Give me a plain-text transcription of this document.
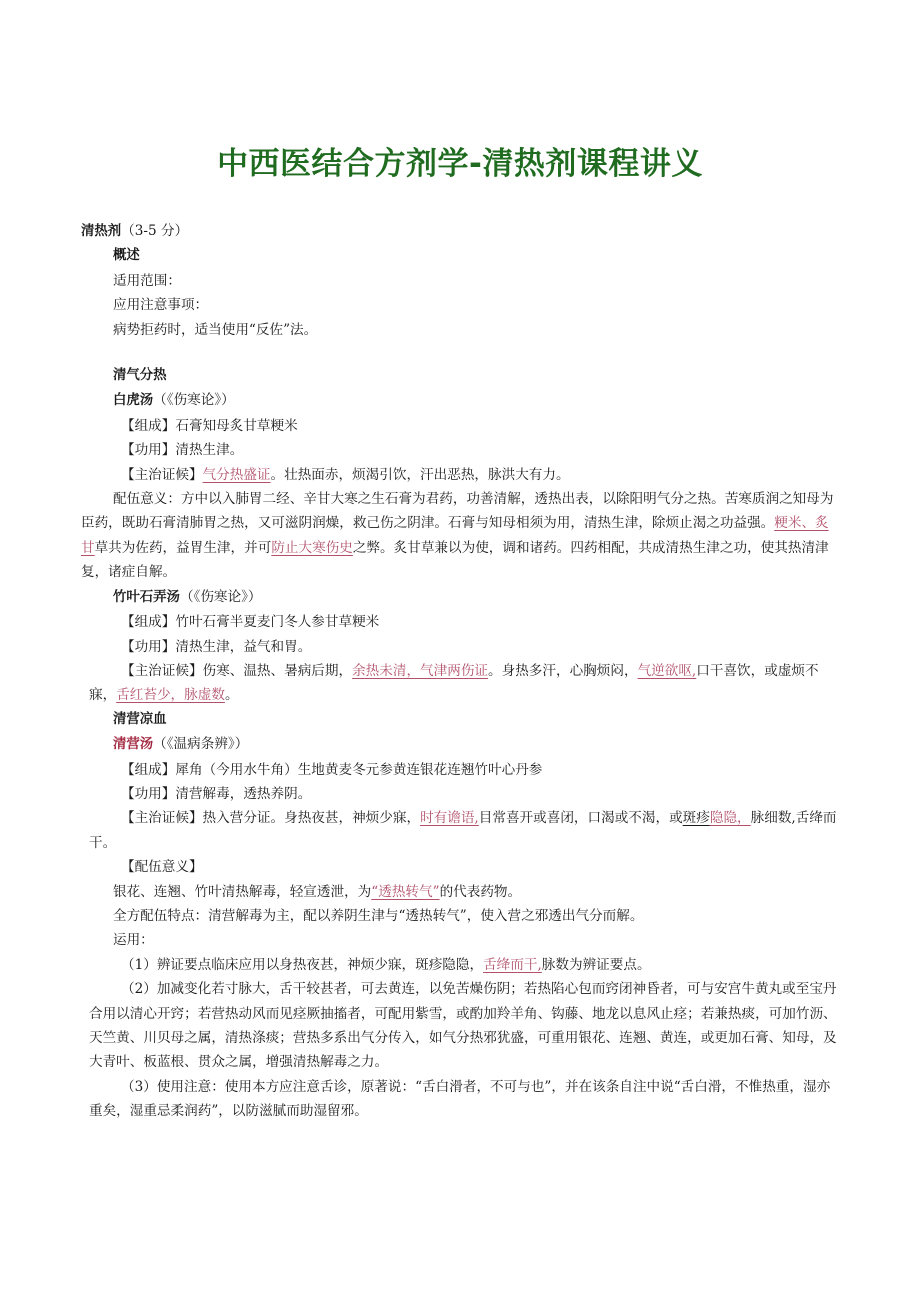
中西医结合方剂学-清热剂课程讲义
清热剂（3-5 分）
概述
适用范围：
应用注意事项：
病势拒药时，适当使用“反佐”法。
清气分热
白虎汤（《伤寒论》）
【组成】石膏知母炙甘草粳米
【功用】清热生津。
【主治证候】气分热盛证。壮热面赤，烦渴引饮，汗出恶热，脉洪大有力。
配伍意义：方中以入肺胃二经、辛甘大寒之生石膏为君药，功善清解，透热出表，以除阳明气分之热。苦寒质润之知母为臣药，既助石膏清肺胃之热，又可滋阴润燥，救己伤之阴津。石膏与知母相须为用，清热生津，除烦止渴之功益强。粳米、炙甘草共为佐药，益胃生津，并可防止大寒伤史之弊。炙甘草兼以为使，调和诸药。四药相配，共成清热生津之功，使其热清津复，诸症自解。
竹叶石弄汤（《伤寒论》）
【组成】竹叶石膏半夏麦门冬人参甘草粳米
【功用】清热生津，益气和胃。
【主治证候】伤寒、温热、暑病后期，余热未清，气津两伤证。身热多汗，心胸烦闷，气逆欲呕,口干喜饮，或虚烦不寐，舌红苔少，脉虚数。
清营凉血
清营汤（《温病条辨》）
【组成】犀角（今用水牛角）生地黄麦冬元参黄连银花连翘竹叶心丹参
【功用】清营解毒，透热养阴。
【主治证候】热入营分证。身热夜甚，神烦少寐，时有谵语,目常喜开或喜闭，口渴或不渴，或斑疹隐隐，脉细数,舌绛而干。
【配伍意义】
银花、连翘、竹叶清热解毒，轻宣透泄，为“透热转气”的代表药物。
全方配伍特点：清营解毒为主，配以养阴生津与“透热转气”，使入营之邪透出气分而解。
运用：
（1）辨证要点临床应用以身热夜甚，神烦少寐，斑疹隐隐，舌绛而干,脉数为辨证要点。
（2）加减变化若寸脉大，舌干较甚者，可去黄连，以免苦燥伤阴；若热陷心包而窍闭神昏者，可与安宫牛黄丸或至宝丹合用以清心开窍；若营热动风而见痉厥抽搐者，可配用紫雪，或酌加羚羊角、钩藤、地龙以息风止痉；若兼热痰，可加竹沥、天竺黄、川贝母之属，清热涤痰；营热多系出气分传入，如气分热邪犹盛，可重用银花、连翘、黄连，或更加石膏、知母，及大青叶、板蓝根、贯众之属，增强清热解毒之力。
（3）使用注意：使用本方应注意舌诊，原著说：“舌白滑者，不可与也”，并在该条自注中说“舌白滑，不惟热重，湿亦重矣，湿重忌柔润药”，以防滋腻而助湿留邪。
